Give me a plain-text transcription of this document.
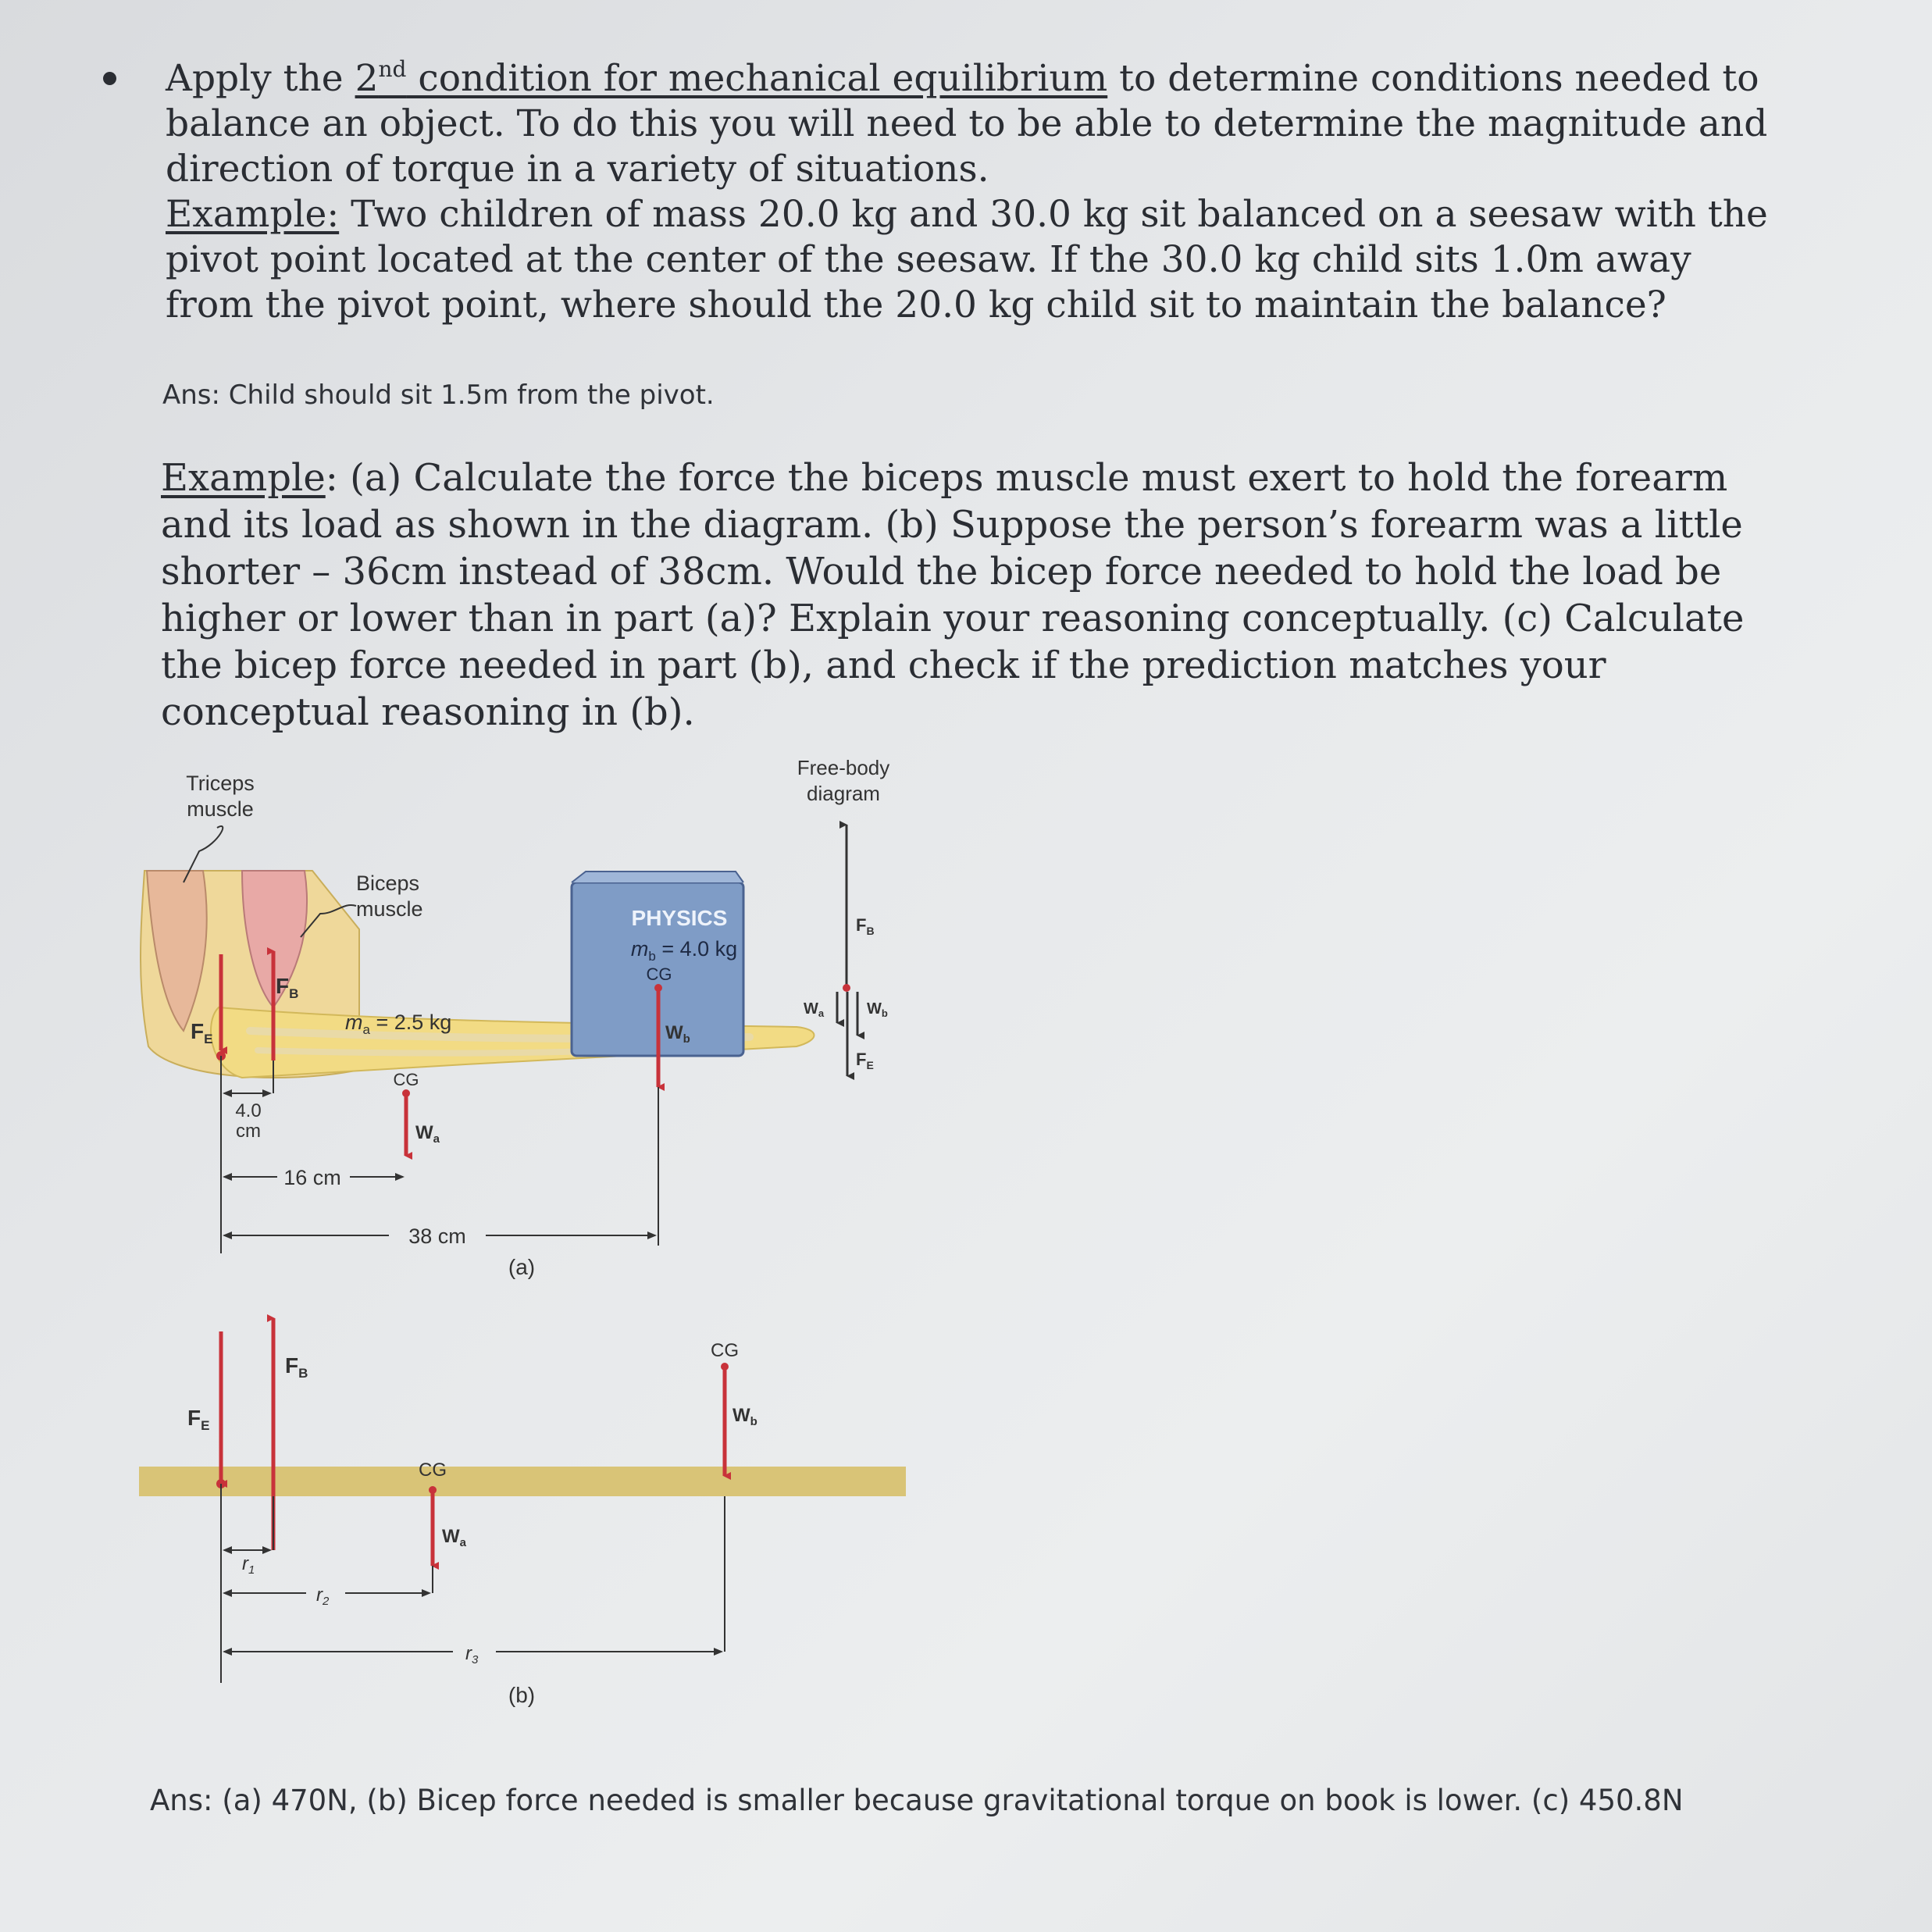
Apply the 2nd condition for mechanical equilibrium to determine conditions needed to balance an object. To do this you will need to be able to determine the magnitude and direction of torque in a variety of situations.
Example: Two children of mass 20.0 kg and 30.0 kg sit balanced on a seesaw with the pivot point located at the center of the seesaw. If the 30.0 kg child sits 1.0m away from the pivot point, where should the 20.0 kg child sit to maintain the balance?

Ans: Child should sit 1.5m from the pivot.

Example: (a) Calculate the force the biceps muscle must exert to hold the forearm and its load as shown in the diagram. (b) Suppose the person’s forearm was a little shorter – 36cm instead of 38cm. Would the bicep force needed to hold the load be higher or lower than in part (a)? Explain your reasoning conceptually. (c) Calculate the bicep force needed in part (b), and check if the prediction matches your conceptual reasoning in (b).

PHYSICS
$m_b = 4.0$ kg
CG
Triceps muscle
Biceps muscle
$m_a = 2.5$ kg
CG
$F_E$
$F_B$
$W_a$
$W_b$
4.0 cm
16 cm
38 cm
(a)
Free-body diagram
$F_B$
$W_a$	$W_b$
$F_E$
$F_E$
$F_B$
CG
$W_a$
CG
$W_b$
$r_1$
$r_2$
$r_3$
(b)

Ans: (a) 470N, (b) Bicep force needed is smaller because gravitational torque on book is lower. (c) 450.8N
